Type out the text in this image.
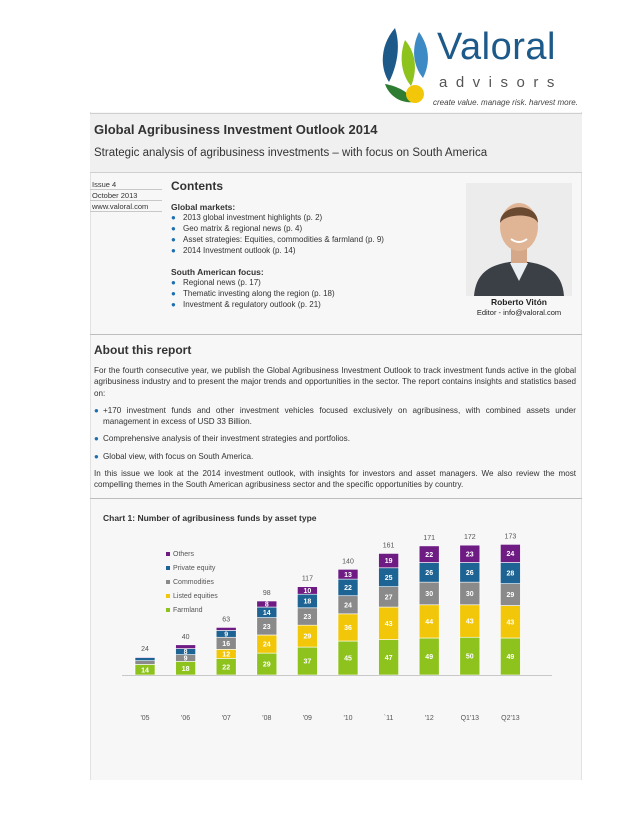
Valoral
advisors
create value. manage risk. harvest more.
Global Agribusiness Investment Outlook 2014
Strategic analysis of agribusiness investments – with focus on South America
Issue 4
October 2013
www.valoral.com
Contents
Global markets:
● 2013 global investment highlights (p. 2)
● Geo matrix & regional news (p. 4)
● Asset strategies: Equities, commodities & farmland (p. 9)
● 2014 Investment outlook (p. 14)
South American focus:
● Regional news (p. 17)
● Thematic investing along the region (p. 18)
● Investment & regulatory outlook (p. 21)	Roberto Vitón
Editor - info@valoral.com
About this report

For the fourth consecutive year, we publish the Global Agribusiness Investment Outlook to track investment funds active in the global agribusiness industry and to present the major trends and opportunities in the sector. The report contains insights and statistics based on:

● +170 investment funds and other investment vehicles focused exclusively on agribusiness, with combined assets under management in excess of USD 33 Billion.
● Comprehensive analysis of their investment strategies and portfolios.
● Global view, with focus on South America.

In this issue we look at the 2014 investment outlook, with insights for investors and asset managers. We also review the most compelling themes in the South American agribusiness sector and the specific opportunities by country.

Chart 1: Number of agribusiness funds by asset type
14
24
'05
18
9
8
40
'06
22
12
16
9
63
'07
29
24
23
14
8
98
'08
37
29
23
18
10
117
'09
45
36
24
22
13
140
'10
47
43
27
25
19
161
`11
49
44
30
26
22
171
'12
50
43
30
26
23
172
Q1'13
49
43
29
28
24
173
Q2'13
Others
Private equity
Commodities
Listed equities
Farmland
